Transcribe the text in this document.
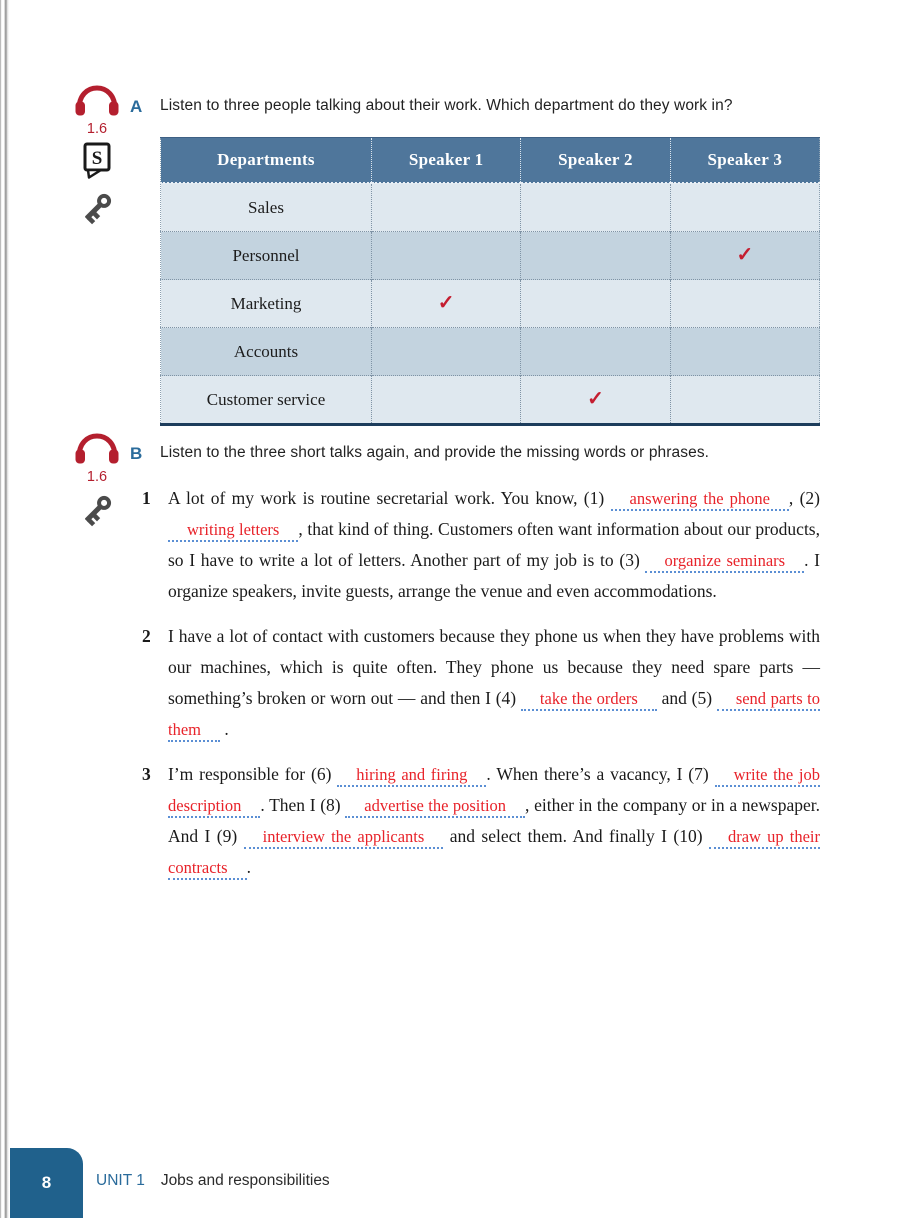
1.6
S
A	Listen to three people talking about their work. Which department do they work in?
Departments	Speaker 1	Speaker 2	Speaker 3
Sales			
Personnel			✓
Marketing	✓		
Accounts			
Customer service		✓	
1.6
B	Listen to the three short talks again, and provide the missing words or phrases.
1 A lot of my work is routine secretarial work. You know, (1) answering the phone , (2) writing letters , that kind of thing. Customers often want information about our products, so I have to write a lot of letters. Another part of my job is to (3) organize seminars . I organize speakers, invite guests, arrange the venue and even accommodations.
2 I have a lot of contact with customers because they phone us when they have problems with our machines, which is quite often. They phone us because they need spare parts — something’s broken or worn out — and then I (4) take the orders and (5) send parts to them .
3 I’m responsible for (6) hiring and firing . When there’s a vacancy, I (7) write the job description . Then I (8) advertise the position , either in the company or in a newspaper. And I (9) interview the applicants and select them. And finally I (10) draw up their contracts .
8	UNIT 1 Jobs and responsibilities
